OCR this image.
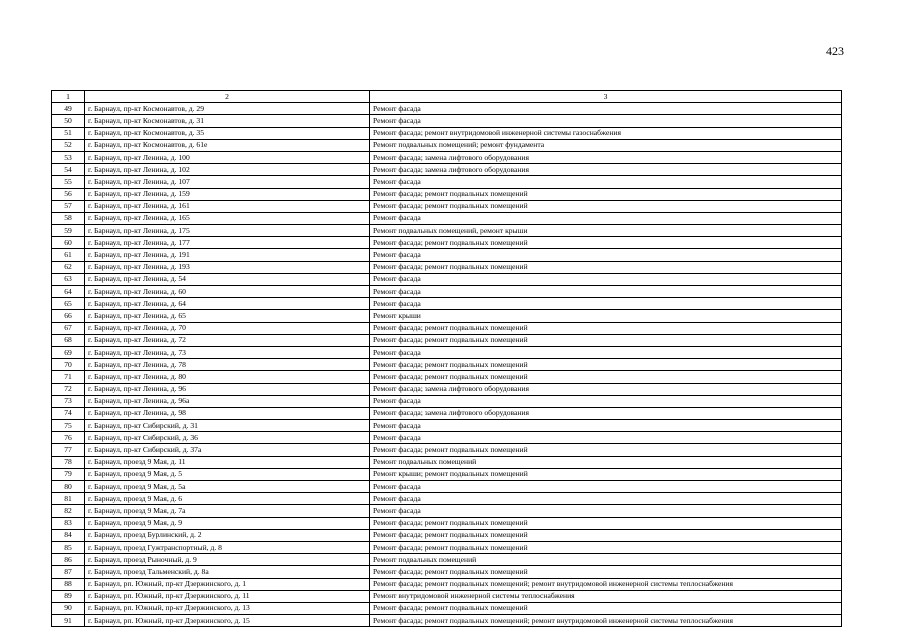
423
1	2	3
49	г. Барнаул, пр-кт Космонавтов, д. 29	Ремонт фасада
50	г. Барнаул, пр-кт Космонавтов, д. 31	Ремонт фасада
51	г. Барнаул, пр-кт Космонавтов, д. 35	Ремонт фасада; ремонт внутридомовой инженерной системы газоснабжения
52	г. Барнаул, пр-кт Космонавтов, д. 61е	Ремонт подвальных помещений; ремонт фундамента
53	г. Барнаул, пр-кт Ленина, д. 100	Ремонт фасада; замена лифтового оборудования
54	г. Барнаул, пр-кт Ленина, д. 102	Ремонт фасада; замена лифтового оборудования
55	г. Барнаул, пр-кт Ленина, д. 107	Ремонт фасада
56	г. Барнаул, пр-кт Ленина, д. 159	Ремонт фасада; ремонт подвальных помещений
57	г. Барнаул, пр-кт Ленина, д. 161	Ремонт фасада; ремонт подвальных помещений
58	г. Барнаул, пр-кт Ленина, д. 165	Ремонт фасада
59	г. Барнаул, пр-кт Ленина, д. 175	Ремонт подвальных помещений, ремонт крыши
60	г. Барнаул, пр-кт Ленина, д. 177	Ремонт фасада; ремонт подвальных помещений
61	г. Барнаул, пр-кт Ленина, д. 191	Ремонт фасада
62	г. Барнаул, пр-кт Ленина, д. 193	Ремонт фасада; ремонт подвальных помещений
63	г. Барнаул, пр-кт Ленина, д. 54	Ремонт фасада
64	г. Барнаул, пр-кт Ленина, д. 60	Ремонт фасада
65	г. Барнаул, пр-кт Ленина, д. 64	Ремонт фасада
66	г. Барнаул, пр-кт Ленина, д. 65	Ремонт крыши
67	г. Барнаул, пр-кт Ленина, д. 70	Ремонт фасада; ремонт подвальных помещений
68	г. Барнаул, пр-кт Ленина, д. 72	Ремонт фасада; ремонт подвальных помещений
69	г. Барнаул, пр-кт Ленина, д. 73	Ремонт фасада
70	г. Барнаул, пр-кт Ленина, д. 78	Ремонт фасада; ремонт подвальных помещений
71	г. Барнаул, пр-кт Ленина, д. 80	Ремонт фасада; ремонт подвальных помещений
72	г. Барнаул, пр-кт Ленина, д. 96	Ремонт фасада; замена лифтового оборудования
73	г. Барнаул, пр-кт Ленина, д. 96а	Ремонт фасада
74	г. Барнаул, пр-кт Ленина, д. 98	Ремонт фасада; замена лифтового оборудования
75	г. Барнаул, пр-кт Сибирский, д. 31	Ремонт фасада
76	г. Барнаул, пр-кт Сибирский, д. 36	Ремонт фасада
77	г. Барнаул, пр-кт Сибирский, д. 37а	Ремонт фасада; ремонт подвальных помещений
78	г. Барнаул, проезд 9 Мая, д. 11	Ремонт подвальных помещений
79	г. Барнаул, проезд 9 Мая, д. 5	Ремонт крыши; ремонт подвальных помещений
80	г. Барнаул, проезд 9 Мая, д. 5а	Ремонт фасада
81	г. Барнаул, проезд 9 Мая, д. 6	Ремонт фасада
82	г. Барнаул, проезд 9 Мая, д. 7а	Ремонт фасада
83	г. Барнаул, проезд 9 Мая, д. 9	Ремонт фасада; ремонт подвальных помещений
84	г. Барнаул, проезд Бурлинский, д. 2	Ремонт фасада; ремонт подвальных помещений
85	г. Барнаул, проезд Гужтранспортный, д. 8	Ремонт фасада; ремонт подвальных помещений
86	г. Барнаул, проезд Рыночный, д. 9	Ремонт подвальных помещений
87	г. Барнаул, проезд Тальменский, д. 8а	Ремонт фасада; ремонт подвальных помещений
88	г. Барнаул, рп. Южный, пр-кт Дзержинского, д. 1	Ремонт фасада; ремонт подвальных помещений; ремонт внутридомовой инженерной системы теплоснабжения
89	г. Барнаул, рп. Южный, пр-кт Дзержинского, д. 11	Ремонт внутридомовой инженерной системы теплоснабжения
90	г. Барнаул, рп. Южный, пр-кт Дзержинского, д. 13	Ремонт фасада; ремонт подвальных помещений
91	г. Барнаул, рп. Южный, пр-кт Дзержинского, д. 15	Ремонт фасада; ремонт подвальных помещений; ремонт внутридомовой инженерной системы теплоснабжения
